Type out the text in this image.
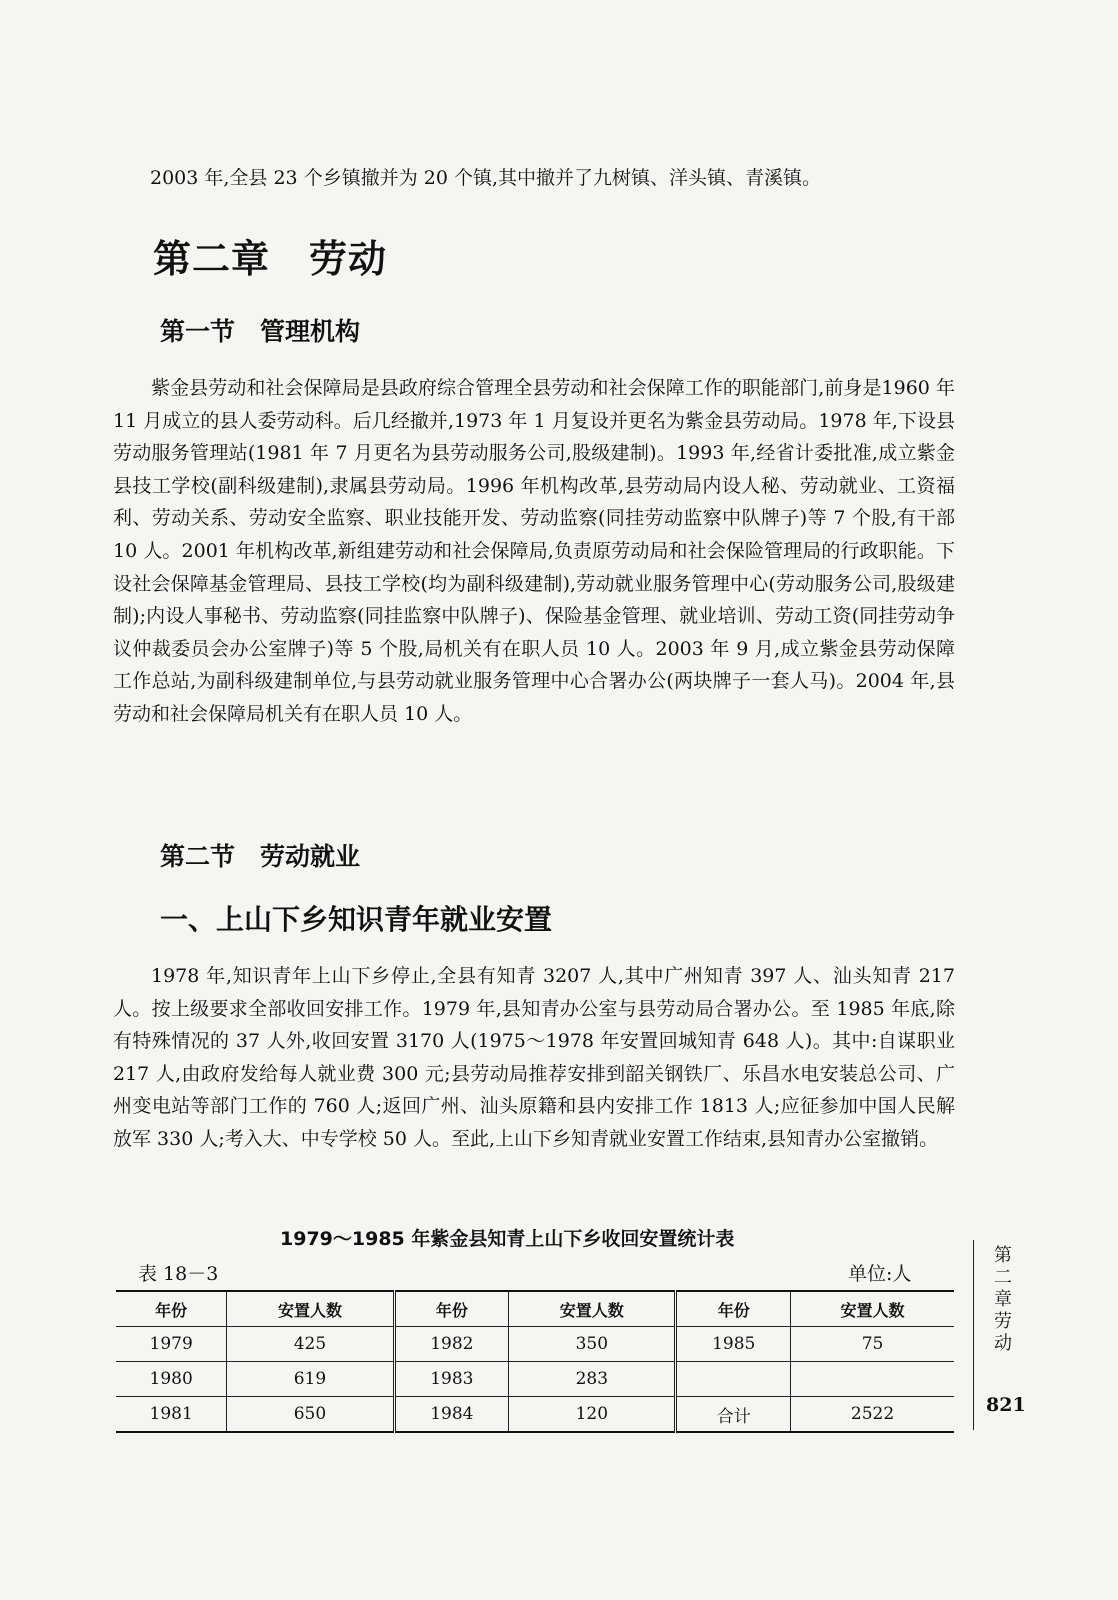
2003 年,全县 23 个乡镇撤并为 20 个镇,其中撤并了九树镇、洋头镇、青溪镇。

第二章　劳动
第一节　管理机构

紫金县劳动和社会保障局是县政府综合管理全县劳动和社会保障工作的职能部门,前身是1960 年 11 月成立的县人委劳动科。后几经撤并,1973 年 1 月复设并更名为紫金县劳动局。1978 年,下设县劳动服务管理站(1981 年 7 月更名为县劳动服务公司,股级建制)。1993 年,经省计委批准,成立紫金县技工学校(副科级建制),隶属县劳动局。1996 年机构改革,县劳动局内设人秘、劳动就业、工资福利、劳动关系、劳动安全监察、职业技能开发、劳动监察(同挂劳动监察中队牌子)等 7 个股,有干部 10 人。2001 年机构改革,新组建劳动和社会保障局,负责原劳动局和社会保险管理局的行政职能。下设社会保障基金管理局、县技工学校(均为副科级建制),劳动就业服务管理中心(劳动服务公司,股级建制);内设人事秘书、劳动监察(同挂监察中队牌子)、保险基金管理、就业培训、劳动工资(同挂劳动争议仲裁委员会办公室牌子)等 5 个股,局机关有在职人员 10 人。2003 年 9 月,成立紫金县劳动保障工作总站,为副科级建制单位,与县劳动就业服务管理中心合署办公(两块牌子一套人马)。2004 年,县劳动和社会保障局机关有在职人员 10 人。

第二节　劳动就业
一、上山下乡知识青年就业安置

1978 年,知识青年上山下乡停止,全县有知青 3207 人,其中广州知青 397 人、汕头知青 217 人。按上级要求全部收回安排工作。1979 年,县知青办公室与县劳动局合署办公。至 1985 年底,除有特殊情况的 37 人外,收回安置 3170 人(1975～1978 年安置回城知青 648 人)。其中:自谋职业 217 人,由政府发给每人就业费 300 元;县劳动局推荐安排到韶关钢铁厂、乐昌水电安装总公司、广州变电站等部门工作的 760 人;返回广州、汕头原籍和县内安排工作 1813 人;应征参加中国人民解放军 330 人;考入大、中专学校 50 人。至此,上山下乡知青就业安置工作结束,县知青办公室撤销。

1979～1985 年紫金县知青上山下乡收回安置统计表
表 18－3	单位:人
年份	安置人数	年份	安置人数	年份	安置人数
1979	425	1982	350	1985	75
1980	619	1983	283		
1981	650	1984	120	合计	2522
第二章　劳动
821
